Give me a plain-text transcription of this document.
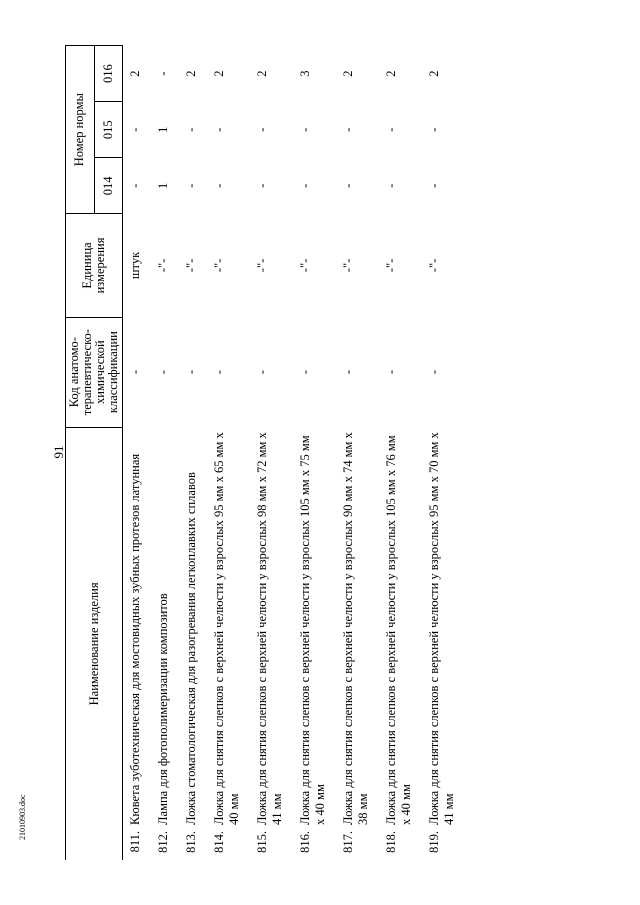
91
21010903.doc
Наименование изделия		Код анатомо-терапевтическо-химической классификации	Единица измерения	Номер нормы		
				014	015	016
811.	Кювета зуботехническая для мостовидных зубных протезов латунная	-	штук	-	-	2
812.	Лампа для фотополимеризации композитов	-	-"-	1	1	-
813.	Ложка стоматологическая для разогревания легкоплавких сплавов	-	-"-	-	-	2
814.	Ложка для снятия слепков с верхней челюсти у взрослых 95 мм х 65 мм х 40 мм	-	-"-	-	-	2
815.	Ложка для снятия слепков с верхней челюсти у взрослых 98 мм х 72 мм х 41 мм	-	-"-	-	-	2
816.	Ложка для снятия слепков с верхней челюсти у взрослых 105 мм х 75 мм х 40 мм	-	-"-	-	-	3
817.	Ложка для снятия слепков с верхней челюсти у взрослых 90 мм х 74 мм х 38 мм	-	-"-	-	-	2
818.	Ложка для снятия слепков с верхней челюсти у взрослых 105 мм х 76 мм х 40 мм	-	-"-	-	-	2
819.	Ложка для снятия слепков с верхней челюсти у взрослых 95 мм х 70 мм х 41 мм	-	-"-	-	-	2
